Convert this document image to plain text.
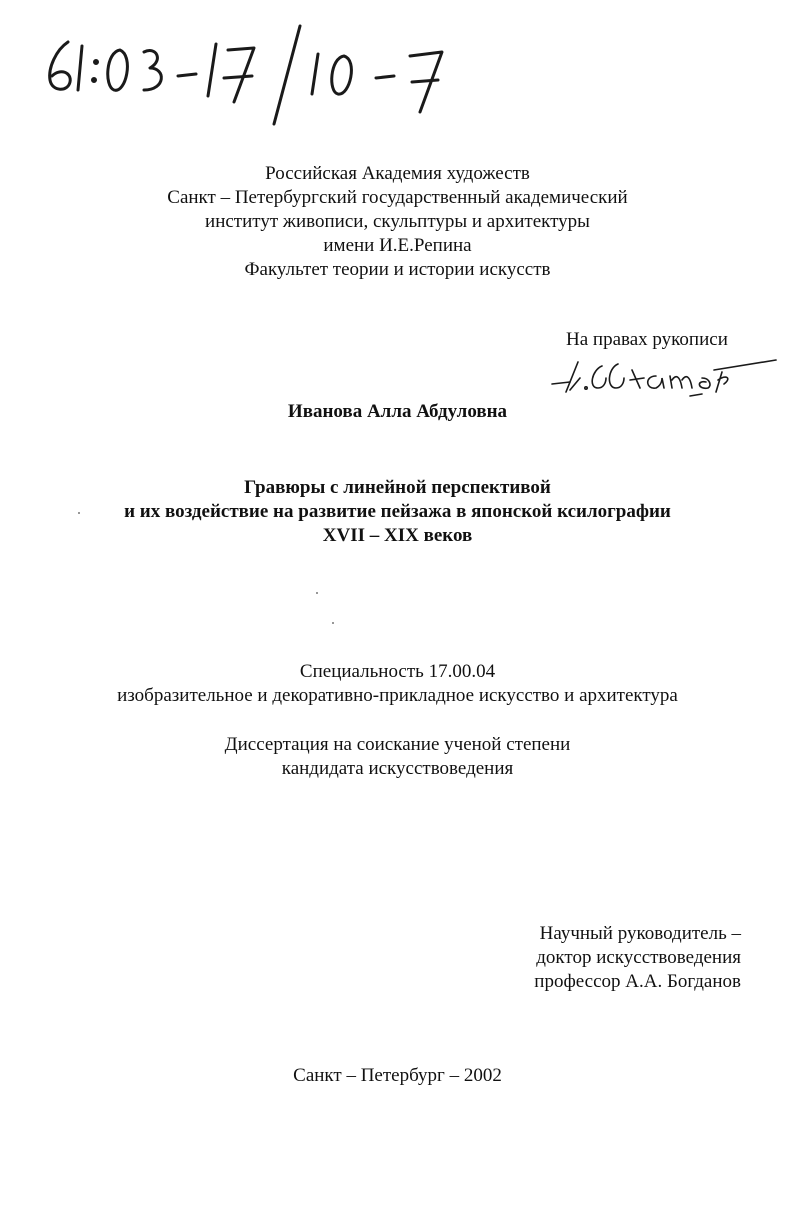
Российская Академия художеств
Санкт – Петербургский государственный академический
институт живописи, скульптуры и архитектуры
имени И.Е.Репина
Факультет теории и истории искусств
На правах рукописи
Иванова Алла Абдуловна
Гравюры с линейной перспективой
и их воздействие на развитие пейзажа в японской ксилографии
XVII – XIX веков
Специальность 17.00.04
изобразительное и декоративно-прикладное искусство и архитектура
Диссертация на соискание ученой степени
кандидата искусствоведения
Научный руководитель –
доктор искусствоведения
профессор А.А. Богданов
Санкт – Петербург – 2002
